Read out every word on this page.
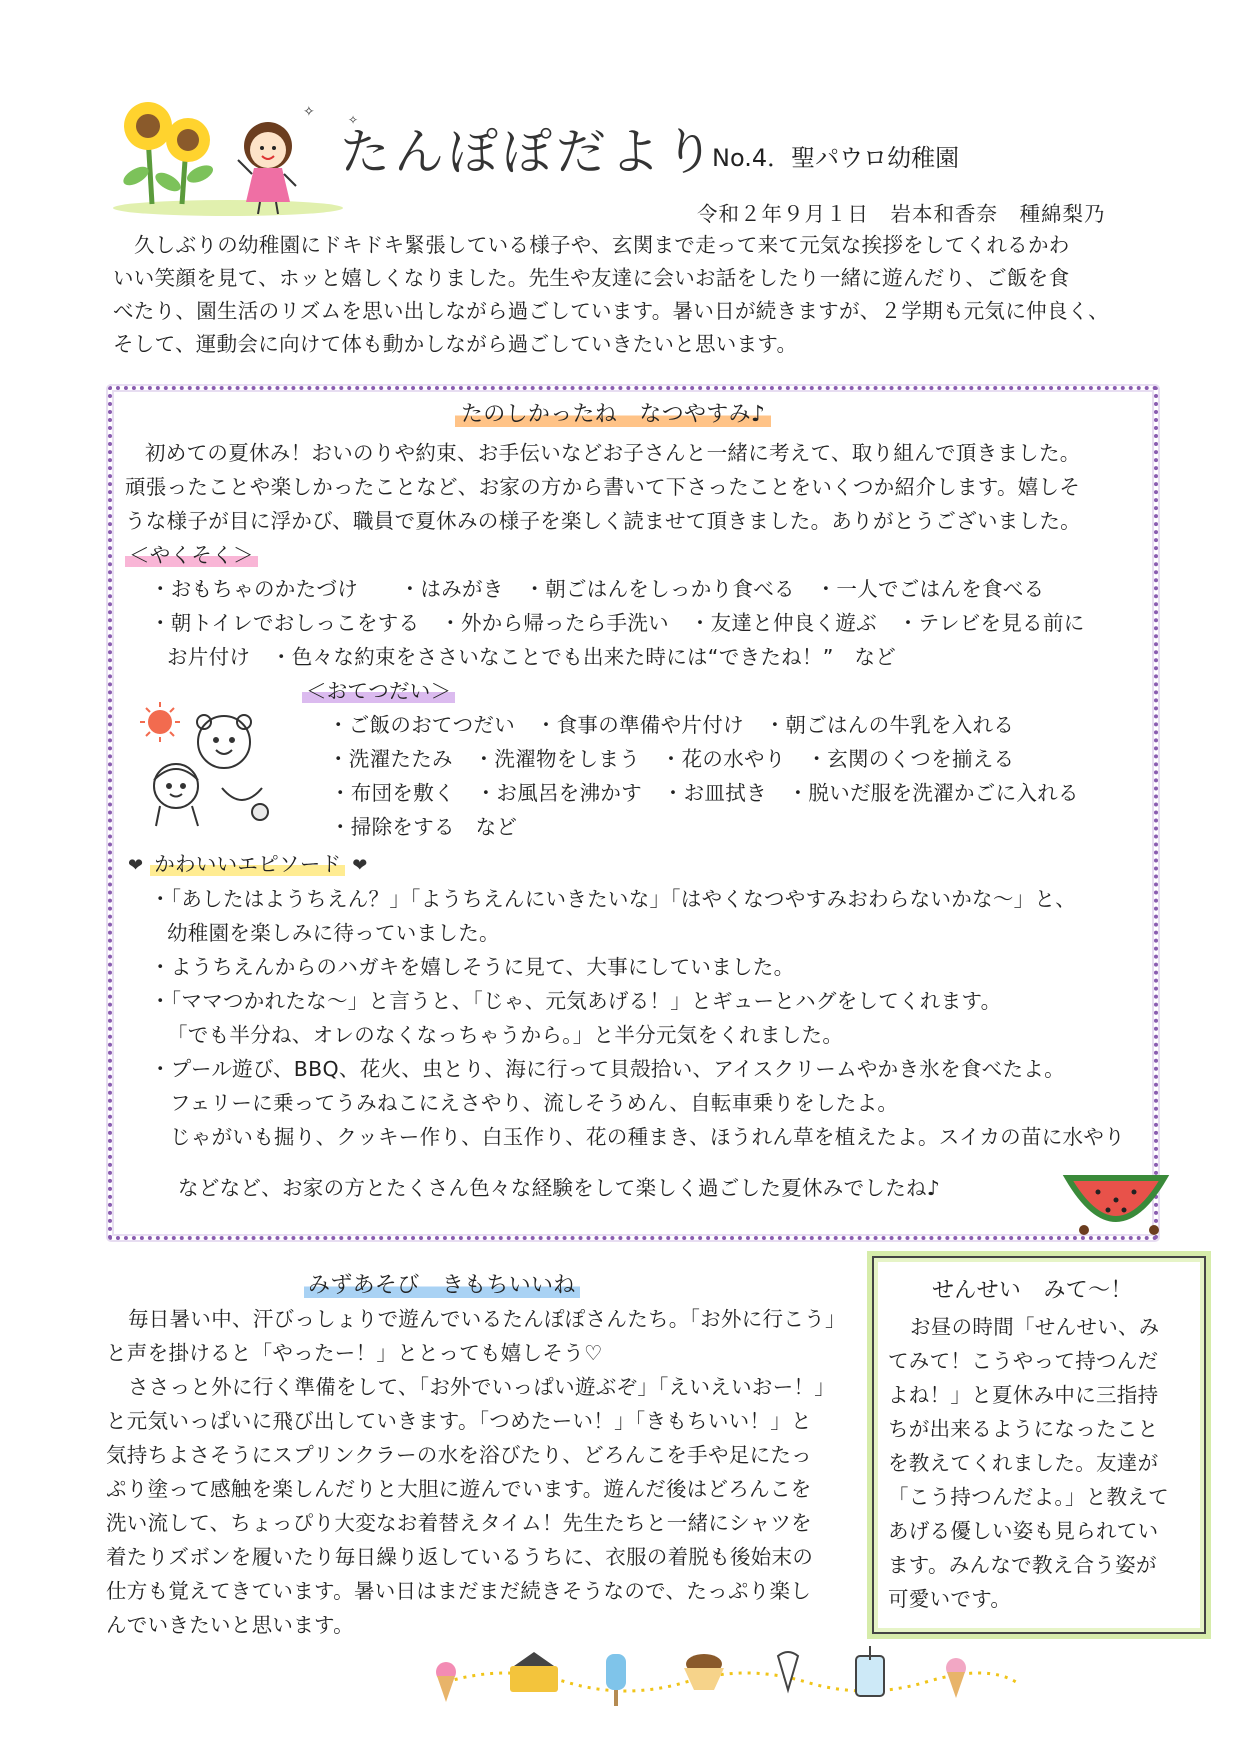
✧	✧
たんぽぽだより
No.4．聖パウロ幼稚園
令和２年９月１日　岩本和香奈　種綿梨乃
久しぶりの幼稚園にドキドキ緊張している様子や、玄関まで走って来て元気な挨拶をしてくれるかわ
いい笑顔を見て、ホッと嬉しくなりました。先生や友達に会いお話をしたり一緒に遊んだり、ご飯を食
べたり、園生活のリズムを思い出しながら過ごしています。暑い日が続きますが、２学期も元気に仲良く、
そして、運動会に向けて体も動かしながら過ごしていきたいと思います。
たのしかったね　なつやすみ♪
初めての夏休み！おいのりや約束、お手伝いなどお子さんと一緒に考えて、取り組んで頂きました。
頑張ったことや楽しかったことなど、お家の方から書いて下さったことをいくつか紹介します。嬉しそ
うな様子が目に浮かび、職員で夏休みの様子を楽しく読ませて頂きました。ありがとうございました。
＜やくそく＞
・おもちゃのかたづけ　　・はみがき　・朝ごはんをしっかり食べる　・一人でごはんを食べる
・朝トイレでおしっこをする　・外から帰ったら手洗い　・友達と仲良く遊ぶ　・テレビを見る前に
お片付け　・色々な約束をささいなことでも出来た時には“できたね！”　など
＜おてつだい＞
・ご飯のおてつだい　・食事の準備や片付け　・朝ごはんの牛乳を入れる
・洗濯たたみ　・洗濯物をしまう　・花の水やり　・玄関のくつを揃える
・布団を敷く　・お風呂を沸かす　・お皿拭き　・脱いだ服を洗濯かごに入れる
・掃除をする　など
❤ かわいいエピソード ❤
・「あしたはようちえん？」「ようちえんにいきたいな」「はやくなつやすみおわらないかな～」と、
幼稚園を楽しみに待っていました。
・ようちえんからのハガキを嬉しそうに見て、大事にしていました。
・「ママつかれたな～」と言うと、「じゃ、元気あげる！」とギューとハグをしてくれます。
「でも半分ね、オレのなくなっちゃうから。」と半分元気をくれました。
・プール遊び、BBQ、花火、虫とり、海に行って貝殻拾い、アイスクリームやかき氷を食べたよ。
フェリーに乗ってうみねこにえさやり、流しそうめん、自転車乗りをしたよ。
じゃがいも掘り、クッキー作り、白玉作り、花の種まき、ほうれん草を植えたよ。スイカの苗に水やり
などなど、お家の方とたくさん色々な経験をして楽しく過ごした夏休みでしたね♪
みずあそび　きもちいいね
毎日暑い中、汗びっしょりで遊んでいるたんぽぽさんたち。「お外に行こう」
と声を掛けると「やったー！」ととっても嬉しそう♡
ささっと外に行く準備をして、「お外でいっぱい遊ぶぞ」「えいえいおー！」
と元気いっぱいに飛び出していきます。「つめたーい！」「きもちいい！」と
気持ちよさそうにスプリンクラーの水を浴びたり、どろんこを手や足にたっ
ぷり塗って感触を楽しんだりと大胆に遊んでいます。遊んだ後はどろんこを
洗い流して、ちょっぴり大変なお着替えタイム！先生たちと一緒にシャツを
着たりズボンを履いたり毎日繰り返しているうちに、衣服の着脱も後始末の
仕方も覚えてきています。暑い日はまだまだ続きそうなので、たっぷり楽し
んでいきたいと思います。
せんせい　みて～！
お昼の時間「せんせい、み
てみて！こうやって持つんだ
よね！」と夏休み中に三指持
ちが出来るようになったこと
を教えてくれました。友達が
「こう持つんだよ。」と教えて
あげる優しい姿も見られてい
ます。みんなで教え合う姿が
可愛いです。
